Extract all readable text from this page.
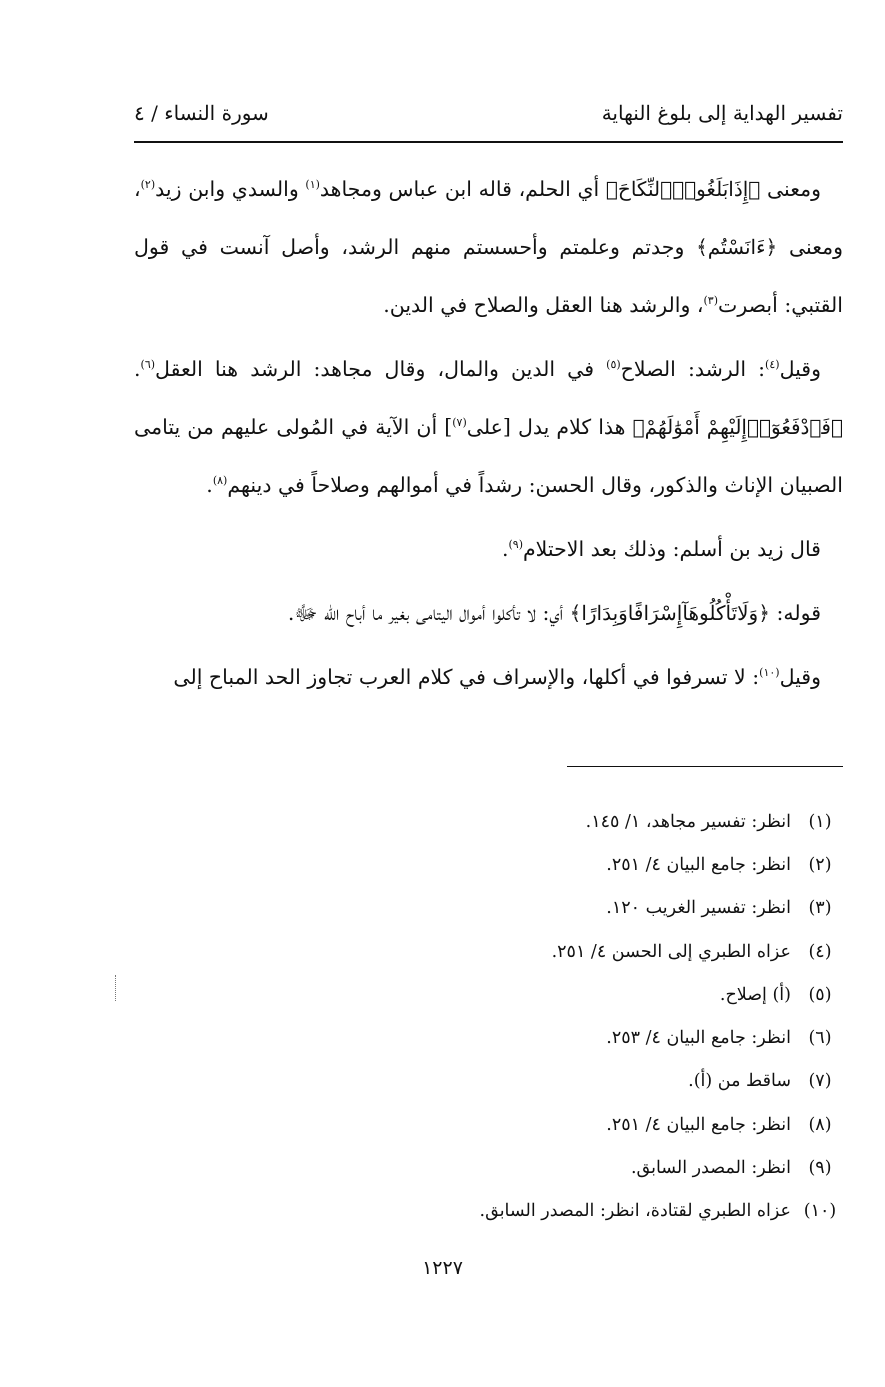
تفسير الهداية إلى بلوغ النهاية
سورة النساء / ٤

ومعنى ﴿إِذَابَلَغُوا۟ٱلنِّكَاحَ﴾ أي الحلم، قاله ابن عباس ومجاهد$^{(١)}$ والسدي وابن زيد$^{(٢)}$، ومعنى ﴿ءَانَسْتُم﴾ وجدتم وعلمتم وأحسستم منهم الرشد، وأصل آنست في قول القتبي: أبصرت$^{(٣)}$، والرشد هنا العقل والصلاح في الدين.

وقيل$^{(٤)}$: الرشد: الصلاح$^{(٥)}$ في الدين والمال، وقال مجاهد: الرشد هنا العقل$^{(٦)}$. ﴿فَٱدْفَعُوٓا۟إِلَيْهِمْ أَمْوَٰلَهُمْ﴾ هذا كلام يدل [على$^{(٧)}$] أن الآية في المُولى عليهم من يتامى الصبيان الإناث والذكور، وقال الحسن: رشداً في أموالهم وصلاحاً في دينهم$^{(٨)}$.

قال زيد بن أسلم: وذلك بعد الاحتلام$^{(٩)}$.

قوله: ﴿وَلَاتَأْكُلُوهَآإِسْرَافًاوَبِدَارًا﴾ أي: لا تأكلوا أموال اليتامى بغير ما أباح الله ﷻ.

وقيل$^{(١٠)}$: لا تسرفوا في أكلها، والإسراف في كلام العرب تجاوز الحد المباح إلى

(١)
انظر: تفسير مجاهد، ١/ ١٤٥.
(٢)
انظر: جامع البيان ٤/ ٢٥١.
(٣)
انظر: تفسير الغريب ١٢٠.
(٤)
عزاه الطبري إلى الحسن ٤/ ٢٥١.
(٥)
(أ) إصلاح.
(٦)
انظر: جامع البيان ٤/ ٢٥٣.
(٧)
ساقط من (أ).
(٨)
انظر: جامع البيان ٤/ ٢٥١.
(٩)
انظر: المصدر السابق.
(١٠)
عزاه الطبري لقتادة، انظر: المصدر السابق.
١٢٢٧
